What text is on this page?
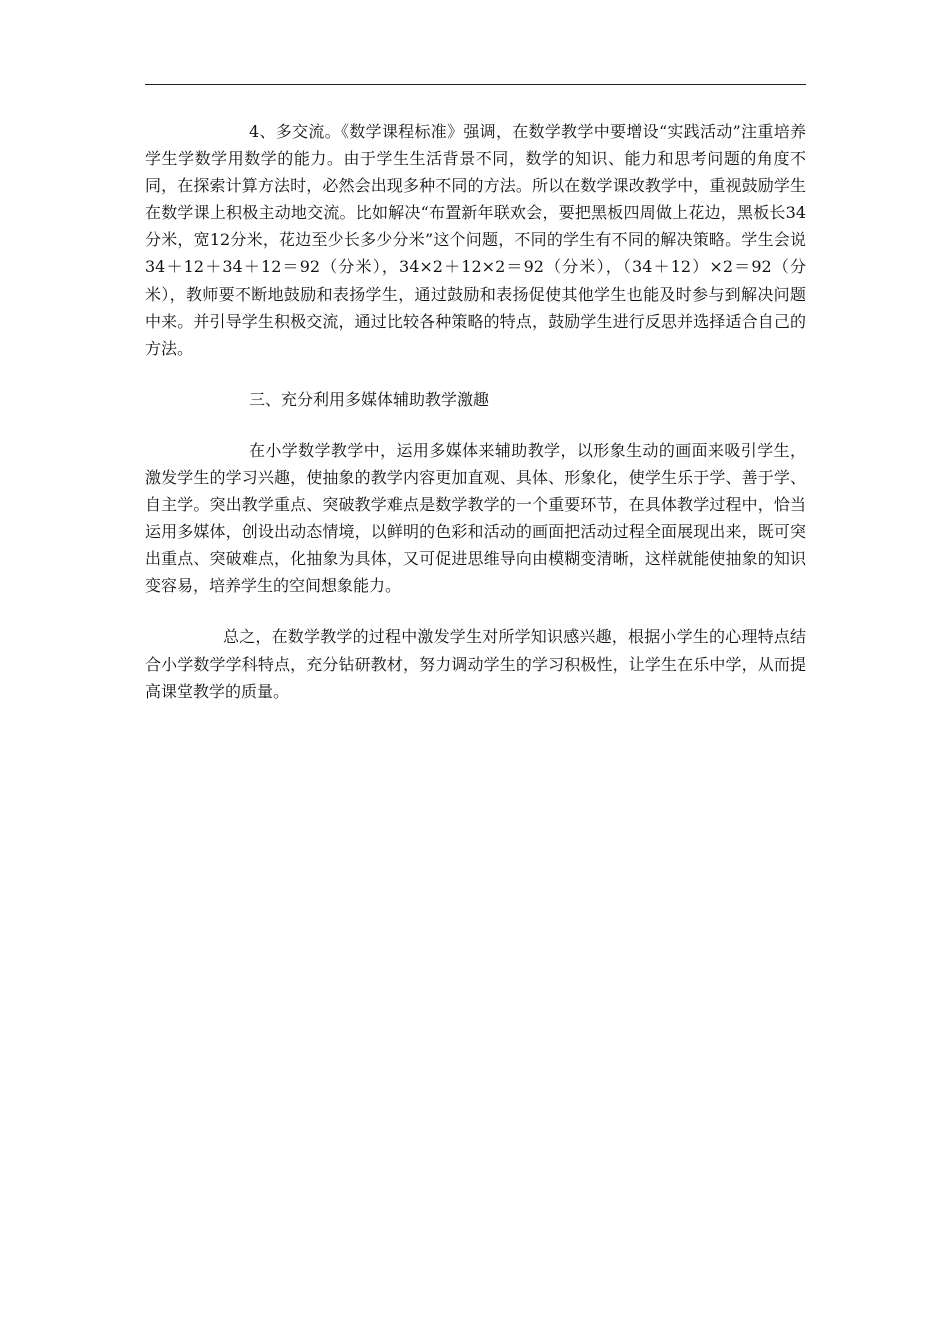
4、多交流。《数学课程标准》强调，在数学教学中要增设“实践活动”注重培养学生学数学用数学的能力。由于学生生活背景不同，数学的知识、能力和思考问题的角度不同，在探索计算方法时，必然会出现多种不同的方法。所以在数学课改教学中，重视鼓励学生在数学课上积极主动地交流。比如解决“布置新年联欢会，要把黑板四周做上花边，黑板长34分米，宽12分米，花边至少长多少分米”这个问题，不同的学生有不同的解决策略。学生会说34＋12＋34＋12＝92（分米），34×2＋12×2＝92（分米），（34＋12）×2＝92（分米），教师要不断地鼓励和表扬学生，通过鼓励和表扬促使其他学生也能及时参与到解决问题中来。并引导学生积极交流，通过比较各种策略的特点，鼓励学生进行反思并选择适合自己的方法。

三、充分利用多媒体辅助教学激趣

在小学数学教学中，运用多媒体来辅助教学，以形象生动的画面来吸引学生，激发学生的学习兴趣，使抽象的教学内容更加直观、具体、形象化，使学生乐于学、善于学、自主学。突出教学重点、突破教学难点是数学教学的一个重要环节，在具体教学过程中，恰当运用多媒体，创设出动态情境，以鲜明的色彩和活动的画面把活动过程全面展现出来，既可突出重点、突破难点，化抽象为具体，又可促进思维导向由模糊变清晰，这样就能使抽象的知识变容易，培养学生的空间想象能力。

总之，在数学教学的过程中激发学生对所学知识感兴趣，根据小学生的心理特点结合小学数学学科特点，充分钻研教材，努力调动学生的学习积极性，让学生在乐中学，从而提高课堂教学的质量。
